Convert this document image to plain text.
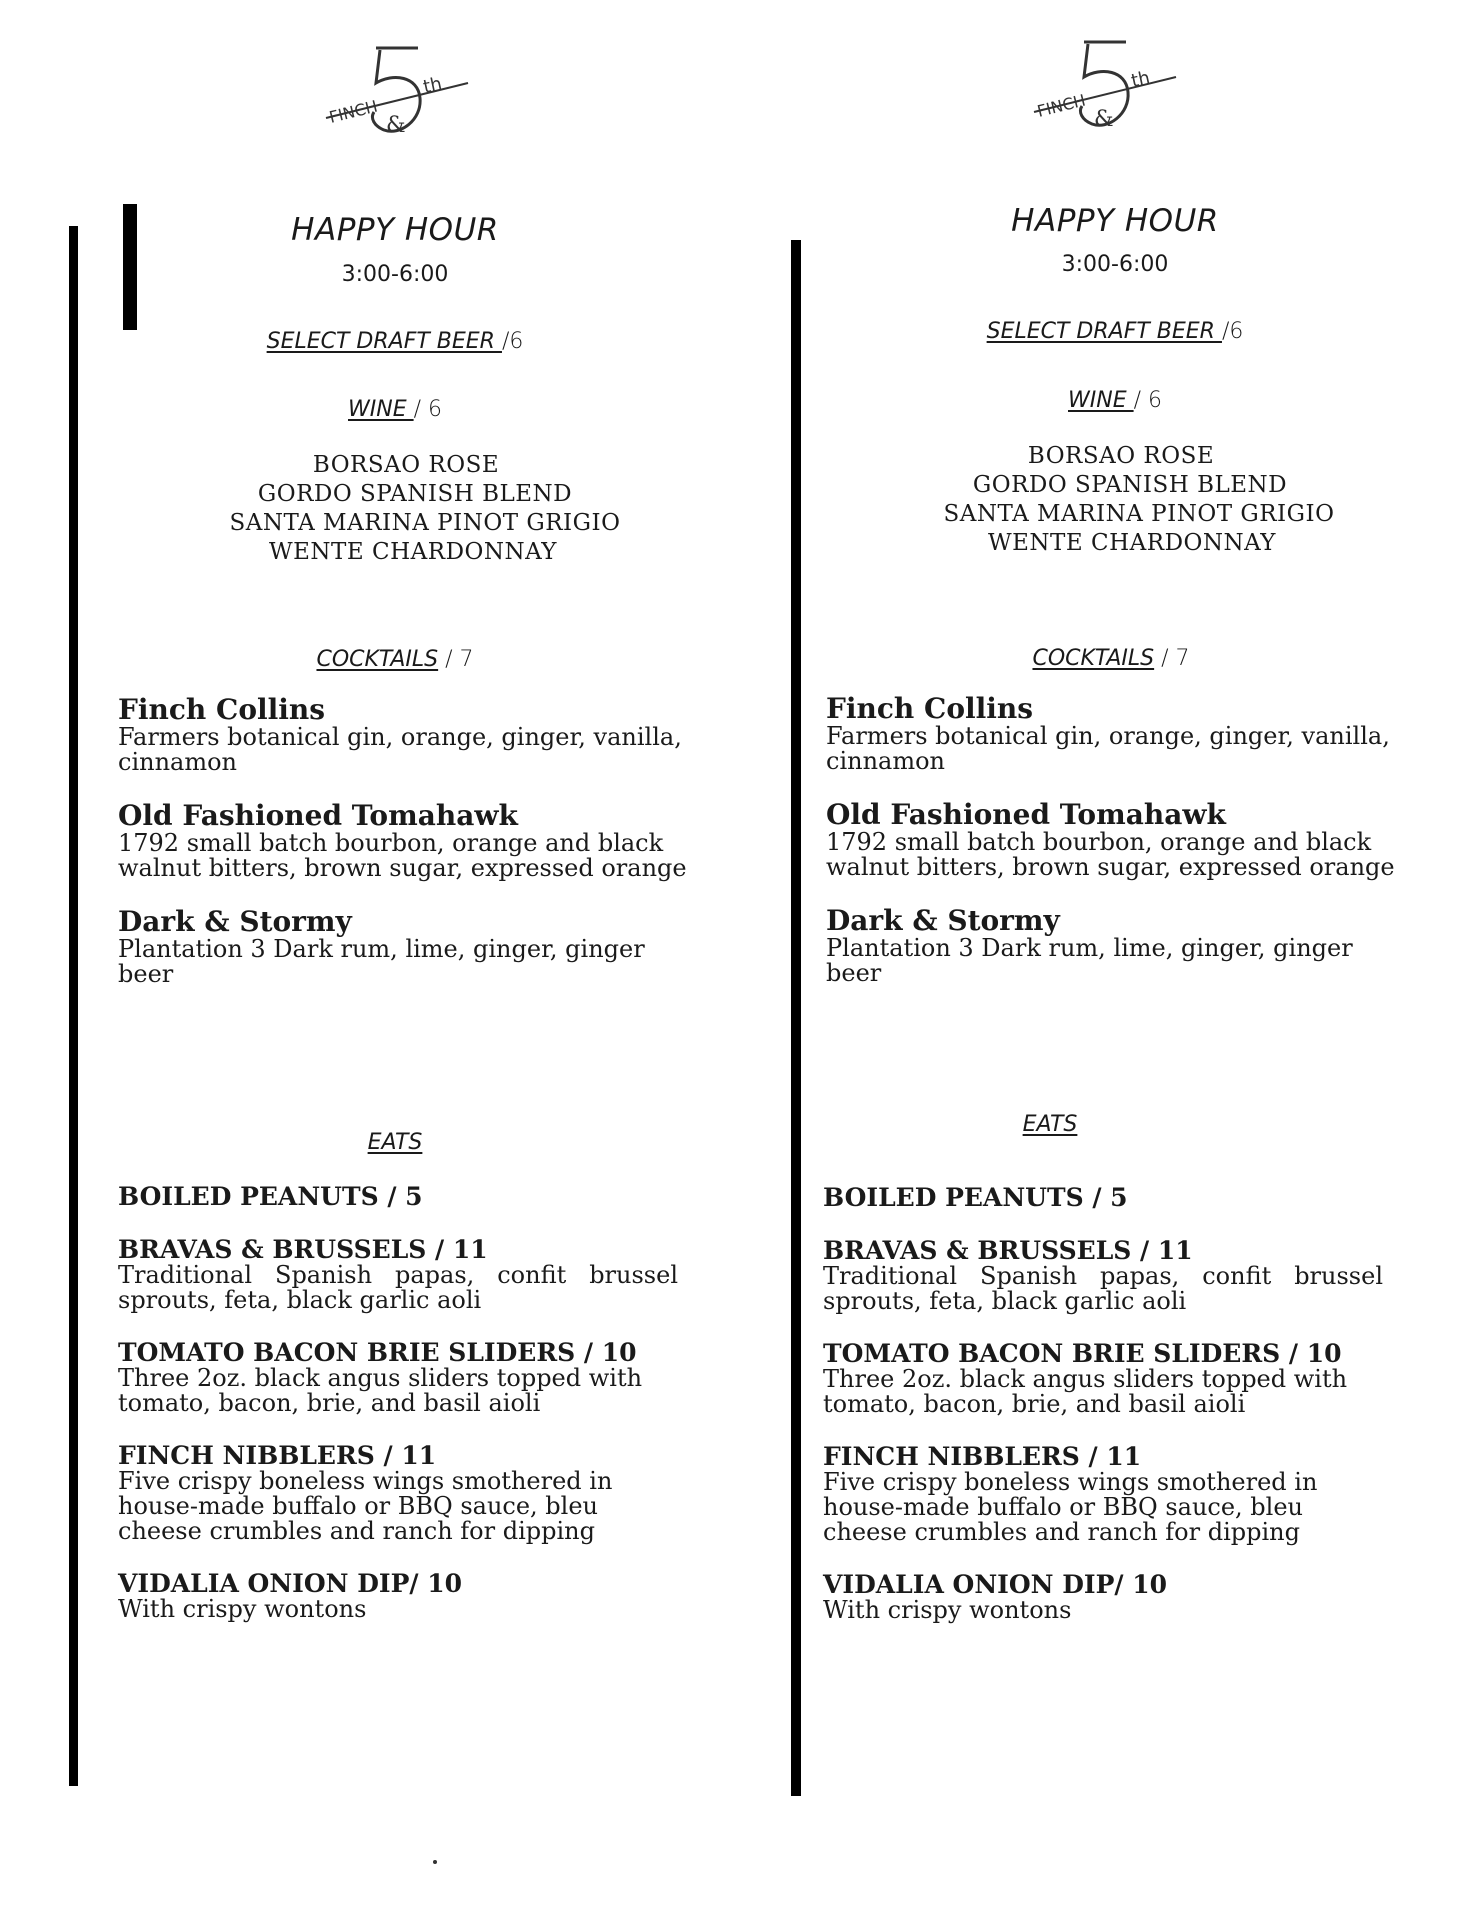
FINCH &
th
HAPPY HOUR
3:00-6:00
SELECT DRAFT BEER /6
WINE / 6
BORSAO ROSE
GORDO SPANISH BLEND
SANTA MARINA PINOT GRIGIO
WENTE CHARDONNAY
COCKTAILS / 7
Finch Collins
Farmers botanical gin, orange, ginger, vanilla,
cinnamon
Old Fashioned Tomahawk
1792 small batch bourbon, orange and black
walnut bitters, brown sugar, expressed orange
Dark & Stormy
Plantation 3 Dark rum, lime, ginger, ginger
beer
EATS
BOILED PEANUTS / 5
BRAVAS & BRUSSELS / 11
Traditional Spanish papas, confit brussel
sprouts, feta, black garlic aoli
TOMATO BACON BRIE SLIDERS / 10
Three 2oz. black angus sliders topped with
tomato, bacon, brie, and basil aioli
FINCH NIBBLERS / 11
Five crispy boneless wings smothered in
house-made buffalo or BBQ sauce, bleu
cheese crumbles and ranch for dipping
VIDALIA ONION DIP/ 10
With crispy wontons
FINCH &
th
HAPPY HOUR
3:00-6:00
SELECT DRAFT BEER /6
WINE / 6
BORSAO ROSE
GORDO SPANISH BLEND
SANTA MARINA PINOT GRIGIO
WENTE CHARDONNAY
COCKTAILS / 7
Finch Collins
Farmers botanical gin, orange, ginger, vanilla,
cinnamon
Old Fashioned Tomahawk
1792 small batch bourbon, orange and black
walnut bitters, brown sugar, expressed orange
Dark & Stormy
Plantation 3 Dark rum, lime, ginger, ginger
beer
EATS
BOILED PEANUTS / 5
BRAVAS & BRUSSELS / 11
Traditional Spanish papas, confit brussel
sprouts, feta, black garlic aoli
TOMATO BACON BRIE SLIDERS / 10
Three 2oz. black angus sliders topped with
tomato, bacon, brie, and basil aioli
FINCH NIBBLERS / 11
Five crispy boneless wings smothered in
house-made buffalo or BBQ sauce, bleu
cheese crumbles and ranch for dipping
VIDALIA ONION DIP/ 10
With crispy wontons
